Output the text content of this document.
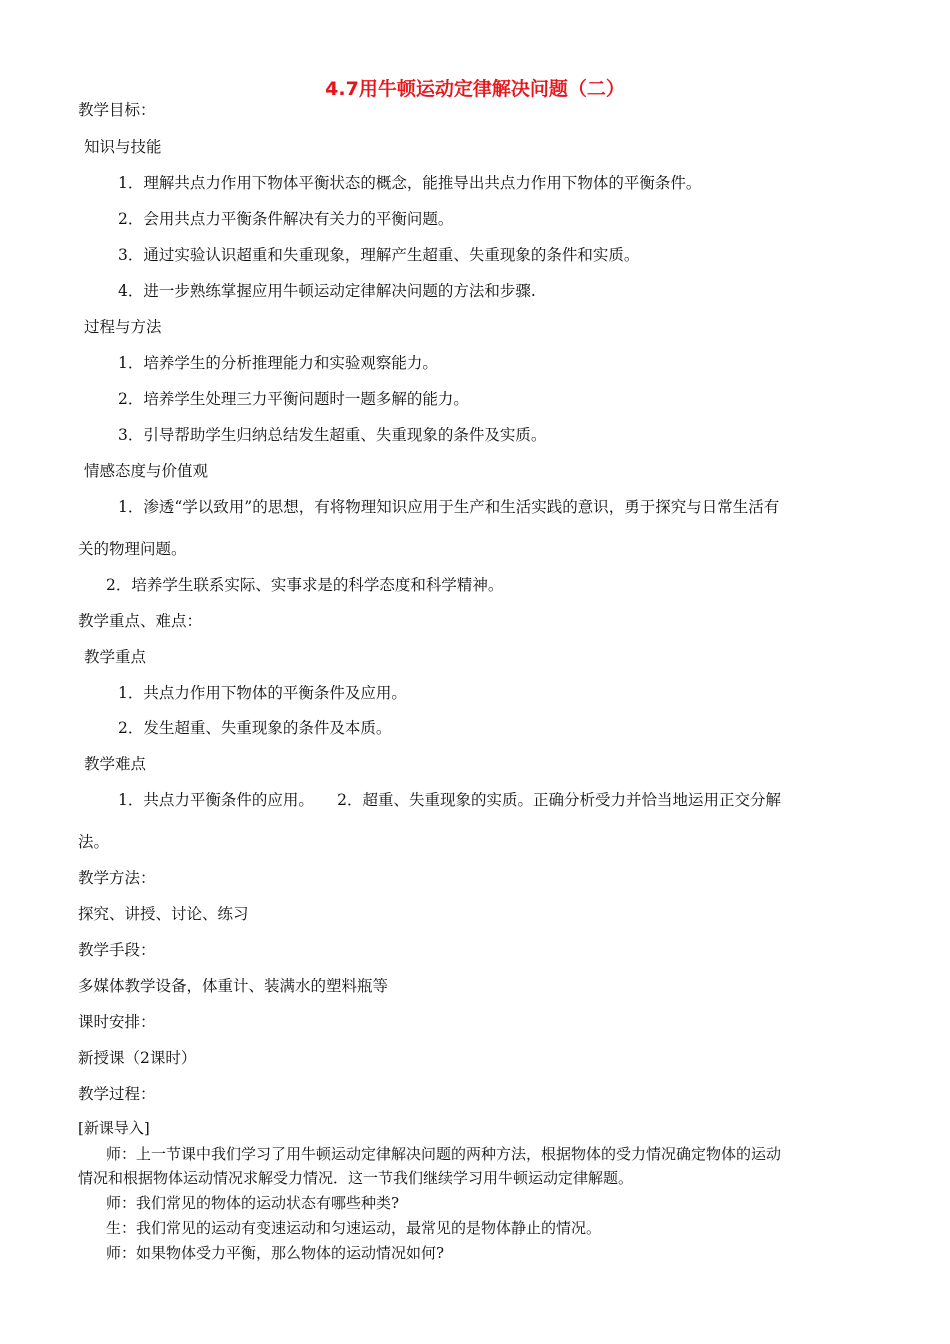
4.7用牛顿运动定律解决问题（二）
教学目标：
知识与技能
1．理解共点力作用下物体平衡状态的概念，能推导出共点力作用下物体的平衡条件。
2．会用共点力平衡条件解决有关力的平衡问题。
3．通过实验认识超重和失重现象，理解产生超重、失重现象的条件和实质。
4．进一步熟练掌握应用牛顿运动定律解决问题的方法和步骤.
过程与方法
1．培养学生的分析推理能力和实验观察能力。
2．培养学生处理三力平衡问题时一题多解的能力。
3．引导帮助学生归纳总结发生超重、失重现象的条件及实质。
情感态度与价值观
1．渗透“学以致用”的思想，有将物理知识应用于生产和生活实践的意识，勇于探究与日常生活有
关的物理问题。
2．培养学生联系实际、实事求是的科学态度和科学精神。
教学重点、难点：
教学重点
1．共点力作用下物体的平衡条件及应用。
2．发生超重、失重现象的条件及本质。
教学难点
1．共点力平衡条件的应用。　　2．超重、失重现象的实质。正确分析受力并恰当地运用正交分解
法。
教学方法：
探究、讲授、讨论、练习
教学手段：
多媒体教学设备，体重计、装满水的塑料瓶等
课时安排：
新授课（2课时）
教学过程：
[新课导入]
师：上一节课中我们学习了用牛顿运动定律解决问题的两种方法，根据物体的受力情况确定物体的运动
情况和根据物体运动情况求解受力情况．这一节我们继续学习用牛顿运动定律解题。
师：我们常见的物体的运动状态有哪些种类?
生：我们常见的运动有变速运动和匀速运动，最常见的是物体静止的情况。
师：如果物体受力平衡，那么物体的运动情况如何?
